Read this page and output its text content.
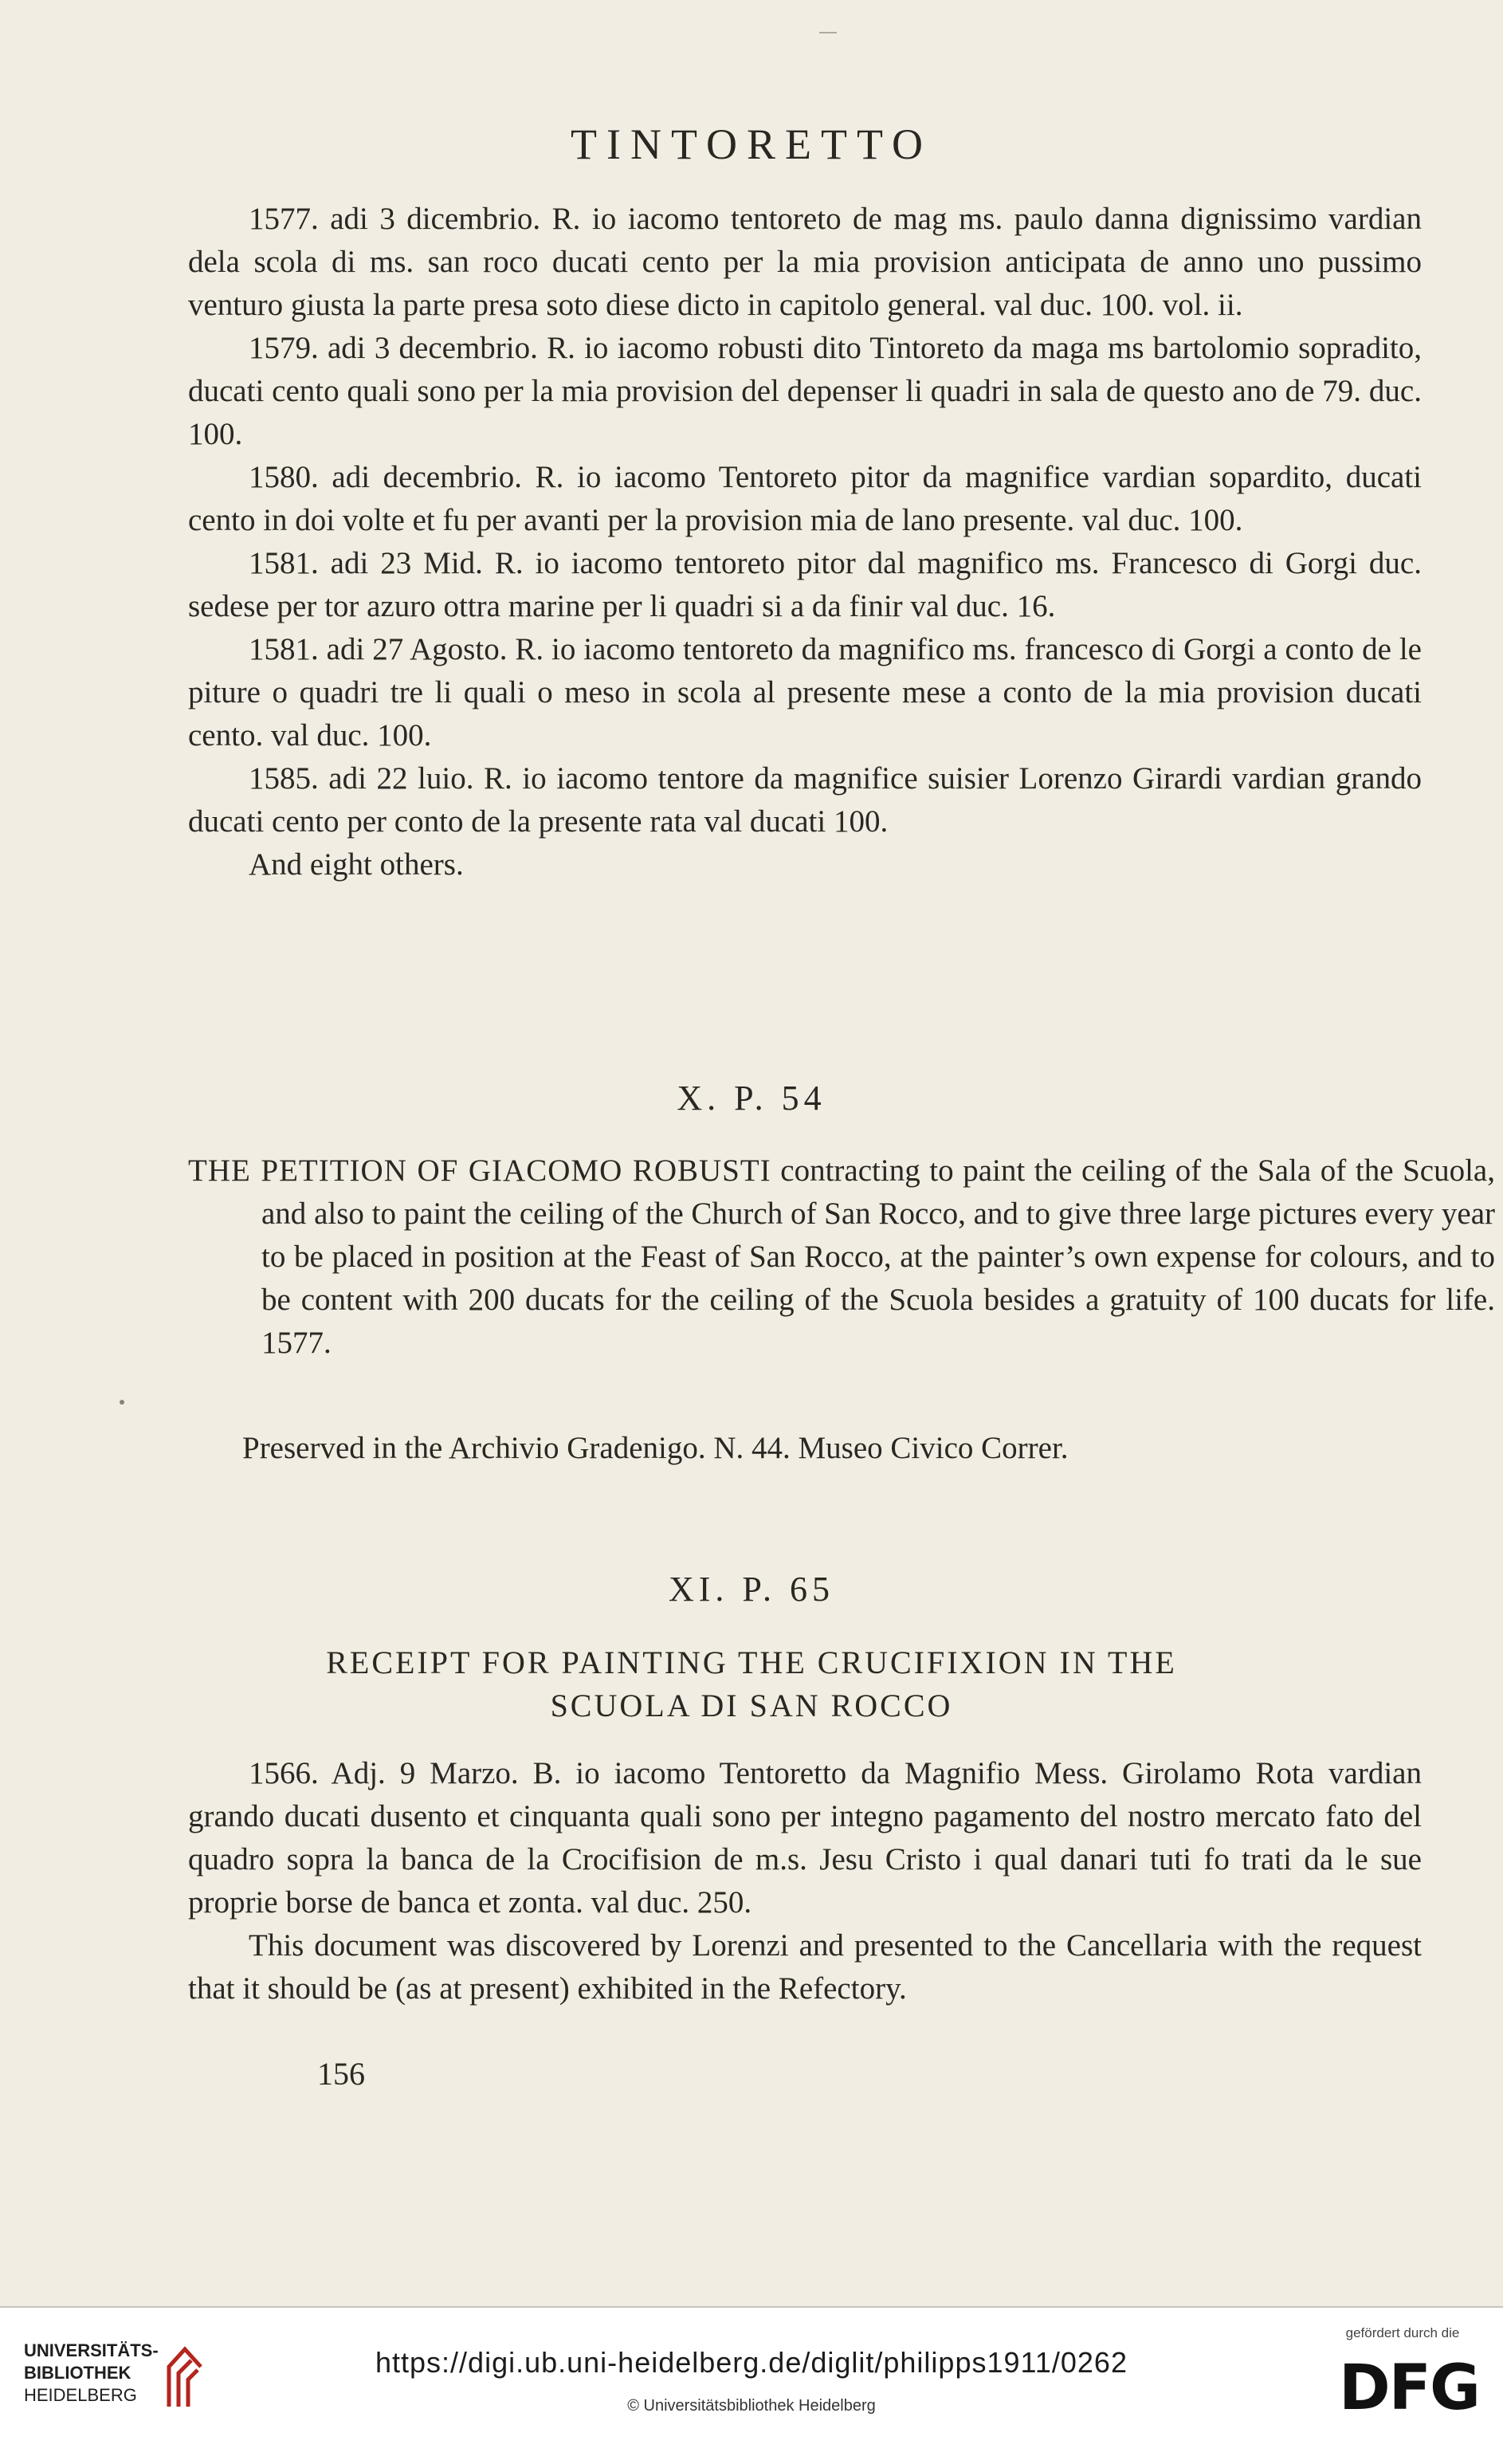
TINTORETTO

1577. adi 3 dicembrio. R. io iacomo tentoreto de mag ms. paulo danna dignissimo vardian dela scola di ms. san roco ducati cento per la mia provision anticipata de anno uno pussimo venturo giusta la parte presa soto diese dicto in capitolo general. val duc. 100. vol. ii.

1579. adi 3 decembrio. R. io iacomo robusti dito Tintoreto da maga ms bartolomio sopradito, ducati cento quali sono per la mia provision del depenser li quadri in sala de questo ano de 79. duc. 100.

1580. adi decembrio. R. io iacomo Tentoreto pitor da magnifice vardian sopardito, ducati cento in doi volte et fu per avanti per la provision mia de lano presente. val duc. 100.

1581. adi 23 Mid. R. io iacomo tentoreto pitor dal magnifico ms. Francesco di Gorgi duc. sedese per tor azuro ottra marine per li quadri si a da finir val duc. 16.

1581. adi 27 Agosto. R. io iacomo tentoreto da magnifico ms. francesco di Gorgi a conto de le piture o quadri tre li quali o meso in scola al presente mese a conto de la mia provision ducati cento. val duc. 100.

1585. adi 22 luio. R. io iacomo tentore da magnifice suisier Lorenzo Girardi vardian grando ducati cento per conto de la presente rata val ducati 100.

And eight others.

X. P. 54
THE PETITION OF GIACOMO ROBUSTI contracting to paint the ceiling of the Sala of the Scuola, and also to paint the ceiling of the Church of San Rocco, and to give three large pictures every year to be placed in position at the Feast of San Rocco, at the painter’s own expense for colours, and to be content with 200 ducats for the ceiling of the Scuola besides a gratuity of 100 ducats for life. 1577.
Preserved in the Archivio Gradenigo. N. 44. Museo Civico Correr.
XI. P. 65
RECEIPT FOR PAINTING THE CRUCIFIXION IN THE
SCUOLA DI SAN ROCCO

1566. Adj. 9 Marzo. B. io iacomo Tentoretto da Magnifio Mess. Girolamo Rota vardian grando ducati dusento et cinquanta quali sono per integno pagamento del nostro mercato fato del quadro sopra la banca de la Crocifision de m.s. Jesu Cristo i qual danari tuti fo trati da le sue proprie borse de banca et zonta. val duc. 250.

This document was discovered by Lorenzi and presented to the Cancellaria with the request that it should be (as at present) exhibited in the Refectory.

156
UNIVERSITÄTS-
BIBLIOTHEK
HEIDELBERG
https://digi.ub.uni-heidelberg.de/diglit/philipps1911/0262
© Universitätsbibliothek Heidelberg
gefördert durch die
DFG
